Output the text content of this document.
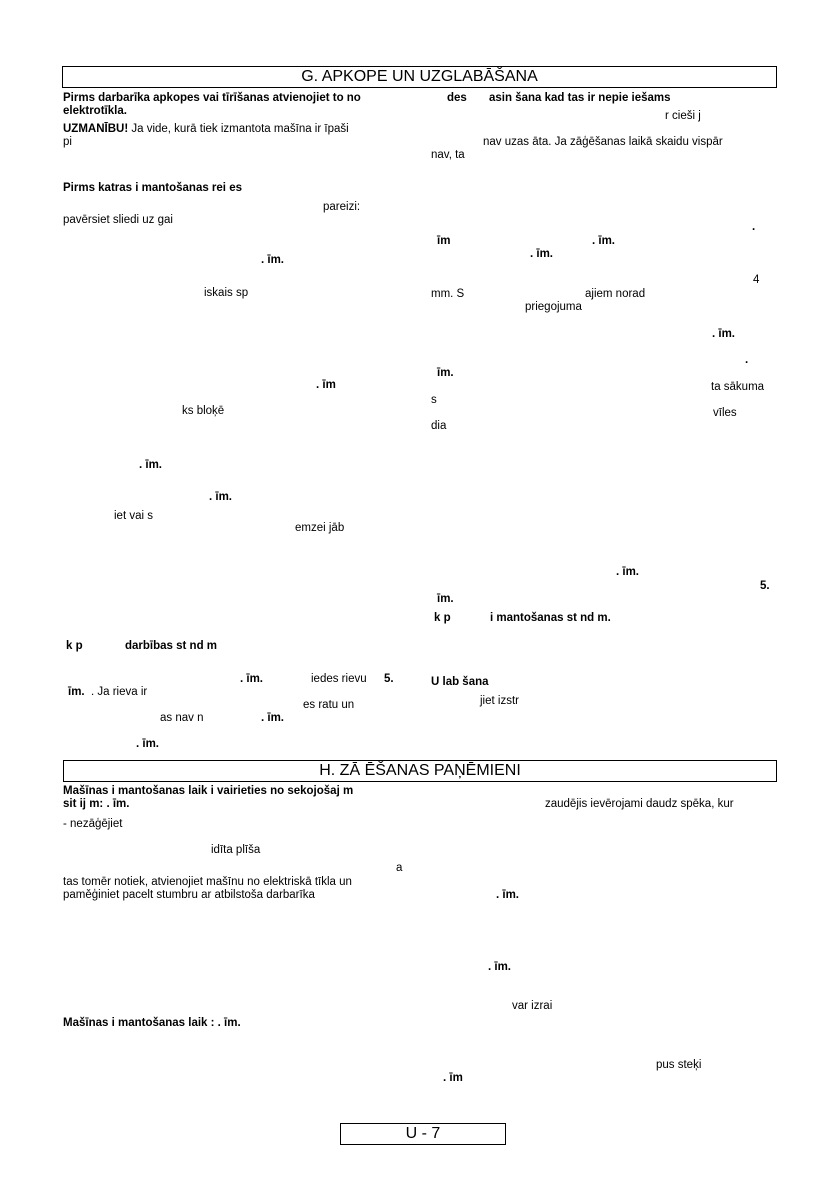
G. APKOPE UN UZGLABĀŠANA
Pirms darbarīka apkopes vai tīrīšanas atvienojiet to no
elektrotīkla.
UZMANĪBU! Ja vide, kurā tiek izmantota mašīna ir īpaši
pi
Pirms katras i mantošanas rei es
pareizi:
pavērsiet sliedi uz gai
. īm.
iskais sp
. īm
ks bloķē
. īm.
. īm.
iet vai s
emzei jāb
k p	darbības st nd m
. īm.	iedes rievu 5.
īm. . Ja rieva ir
es ratu un
as nav n	. īm.
. īm.
des asin šana kad tas ir nepie iešams
r cieši j
nav uzas āta. Ja zāģēšanas laikā skaidu vispār
nav, ta
.
īm	. īm.
. īm.
4
mm. S	ajiem norad
priegojuma
. īm.
.
īm.
ta sākuma
s
vīles
dia
. īm.
5.
īm.
k p	i mantošanas st nd m.
U lab šana
jiet izstr
H. ZĀ ĒŠANAS PAŅĒMIENI
Mašīnas i mantošanas laik i vairieties no sekojošaj m
sit ij m: . īm.
- nezāģējiet
idīta plīša
a
tas tomēr notiek, atvienojiet mašīnu no elektriskā tīkla un
paměģiniet pacelt stumbru ar atbilstoša darbarīka
Mašīnas i mantošanas laik : . īm.
zaudējis ievērojami daudz spēka, kur
. īm.
. īm.
var izrai
pus steķi
. īm
U - 7
